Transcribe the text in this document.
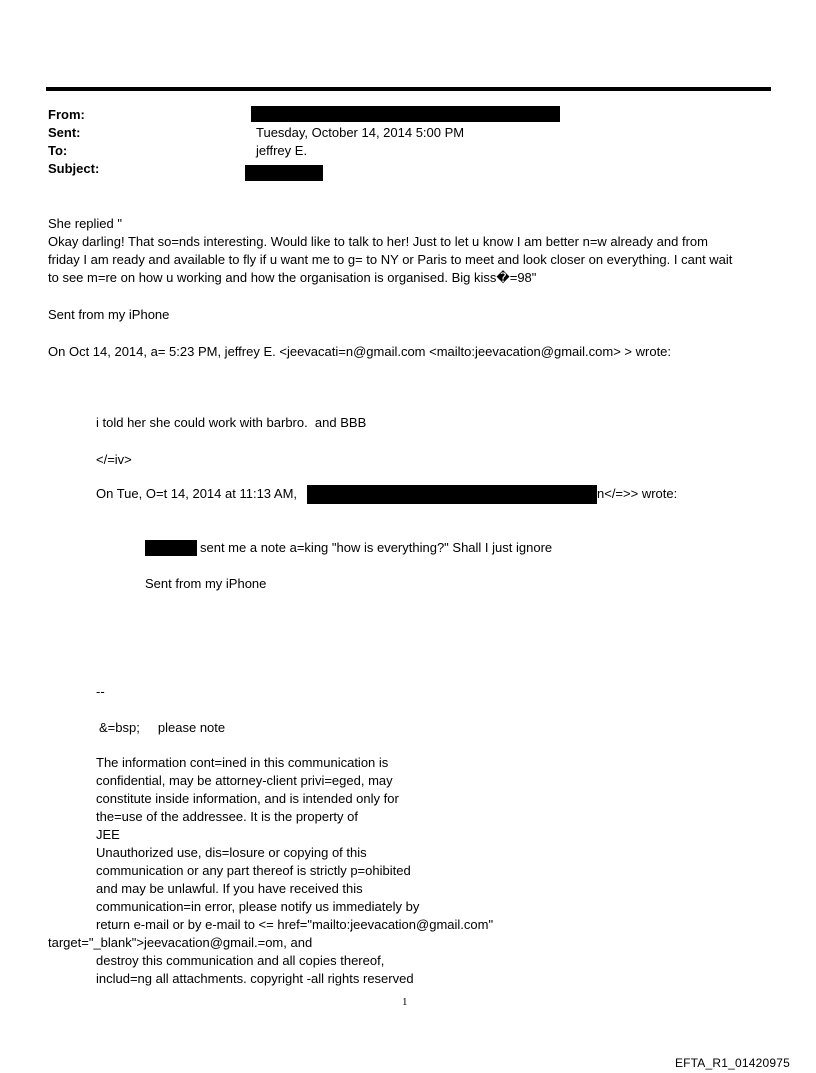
From:
Sent:
To:
Subject:
Tuesday, October 14, 2014 5:00 PM
jeffrey E.
She replied "
Okay darling! That so=nds interesting. Would like to talk to her! Just to let u know I am better n=w already and from
friday I am ready and available to fly if u want me to g= to NY or Paris to meet and look closer on everything. I cant wait
to see m=re on how u working and how the organisation is organised. Big kiss�=98"
Sent from my iPhone
On Oct 14, 2014, a= 5:23 PM, jeffrey E. <jeevacati=n@gmail.com <mailto:jeevacation@gmail.com> > wrote:
i told her she could work with barbro.  and BBB
</=iv>
On Tue, O=t 14, 2014 at 11:13 AM,	n</=>> wrote:
sent me a note a=king "how is everything?" Shall I just ignore
Sent from my iPhone
--
&=bsp;     please note
The information cont=ined in this communication is
confidential, may be attorney-client privi=eged, may
constitute inside information, and is intended only for
the=use of the addressee. It is the property of
JEE
Unauthorized use, dis=losure or copying of this
communication or any part thereof is strictly p=ohibited
and may be unlawful. If you have received this
communication=in error, please notify us immediately by
return e-mail or by e-mail to <= href="mailto:jeevacation@gmail.com"
target="_blank">jeevacation@gmail.=om, and
destroy this communication and all copies thereof,
includ=ng all attachments. copyright -all rights reserved
1
EFTA_R1_01420975
